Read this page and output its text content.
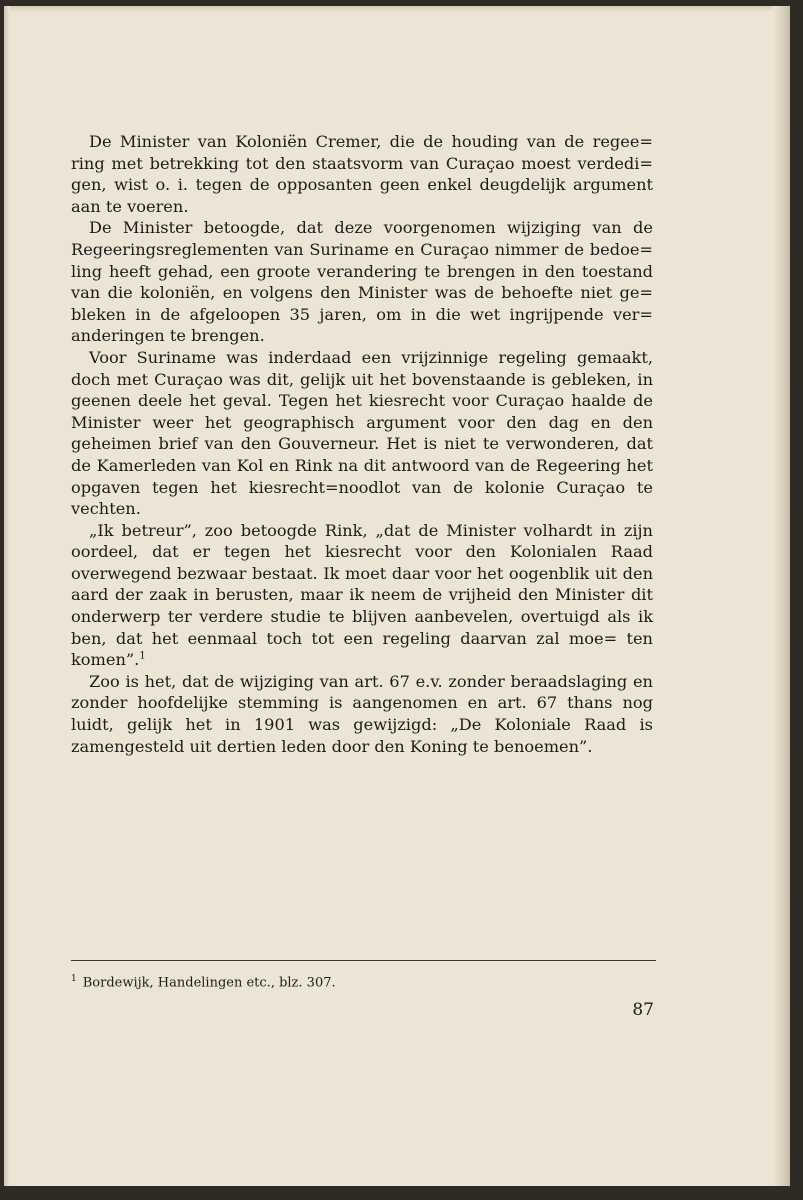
De Minister van Koloniën Cremer, die de houding van de regee= ring met betrekking tot den staatsvorm van Curaçao moest verdedi= gen, wist o. i. tegen de opposanten geen enkel deugdelijk argument aan te voeren.

De Minister betoogde, dat deze voorgenomen wijziging van de Regeeringsreglementen van Suriname en Curaçao nimmer de bedoe= ling heeft gehad, een groote verandering te brengen in den toestand van die koloniën, en volgens den Minister was de behoefte niet ge= bleken in de afgeloopen 35 jaren, om in die wet ingrijpende ver= anderingen te brengen.

Voor Suriname was inderdaad een vrijzinnige regeling gemaakt, doch met Curaçao was dit, gelijk uit het bovenstaande is gebleken, in geenen deele het geval. Tegen het kiesrecht voor Curaçao haalde de Minister weer het geographisch argument voor den dag en den geheimen brief van den Gouverneur. Het is niet te verwonderen, dat de Kamerleden van Kol en Rink na dit antwoord van de Regeering het opgaven tegen het kiesrecht=noodlot van de kolonie Curaçao te vechten.

„Ik betreur”, zoo betoogde Rink, „dat de Minister volhardt in zijn oordeel, dat er tegen het kiesrecht voor den Kolonialen Raad overwegend bezwaar bestaat. Ik moet daar voor het oogenblik uit den aard der zaak in berusten, maar ik neem de vrijheid den Minister dit onderwerp ter verdere studie te blijven aanbevelen, overtuigd als ik ben, dat het eenmaal toch tot een regeling daarvan zal moe= ten komen”.$^1$

Zoo is het, dat de wijziging van art. 67 e.v. zonder beraadslaging en zonder hoofdelijke stemming is aangenomen en art. 67 thans nog luidt, gelijk het in 1901 was gewijzigd: „De Koloniale Raad is zamengesteld uit dertien leden door den Koning te benoemen”.

$^1$ Bordewijk, Handelingen etc., blz. 307.
87
